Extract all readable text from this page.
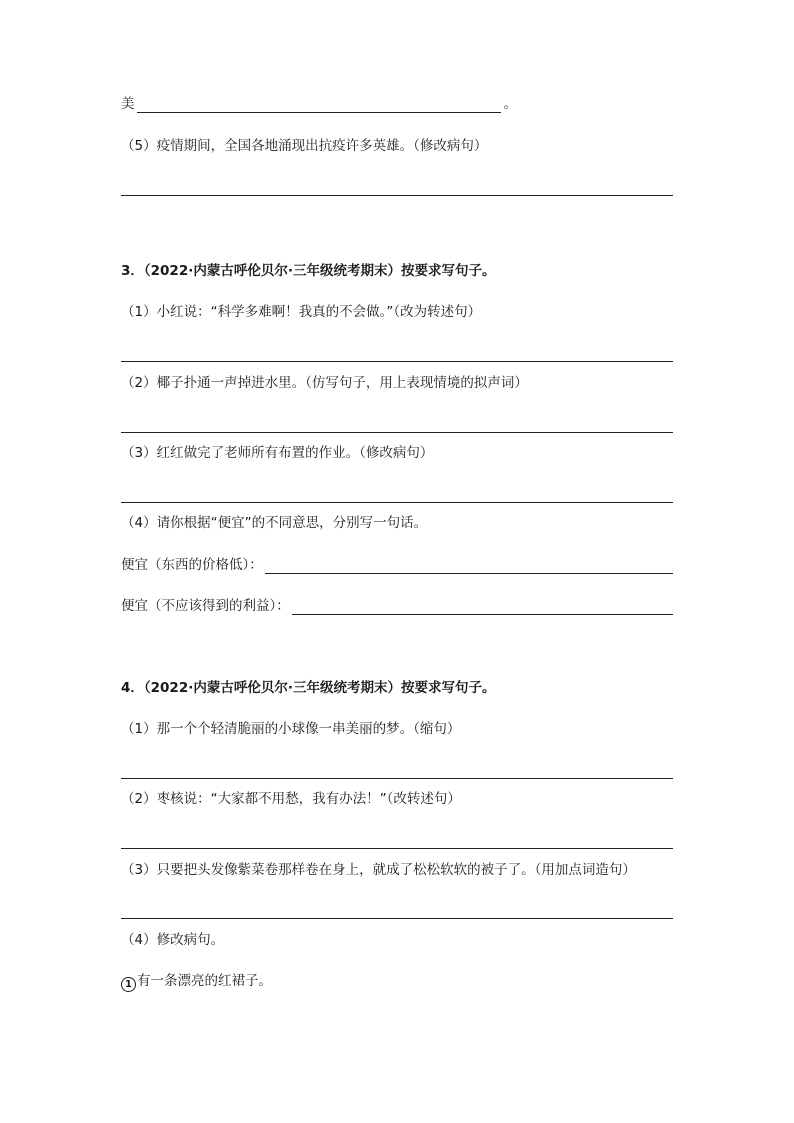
美	。
（5）疫情期间，全国各地涌现出抗疫许多英雄。（修改病句）
3．（2022·内蒙古呼伦贝尔·三年级统考期末）按要求写句子。
（1）小红说：“科学多难啊！我真的不会做。”（改为转述句）
（2）椰子扑通一声掉进水里。（仿写句子，用上表现情境的拟声词）
（3）红红做完了老师所有布置的作业。（修改病句）
（4）请你根据“便宜”的不同意思，分别写一句话。
便宜（东西的价格低）：
便宜（不应该得到的利益）：
4．（2022·内蒙古呼伦贝尔·三年级统考期末）按要求写句子。
（1）那一个个轻清脆丽的小球像一串美丽的梦。（缩句）
（2）枣核说：“大家都不用愁，我有办法！”（改转述句）
（3）只要把头发像紫菜卷那样卷在身上，就成了松松软软的被子了。（用加点词造句）
（4）修改病句。
1 有一条漂亮的红裙子。
